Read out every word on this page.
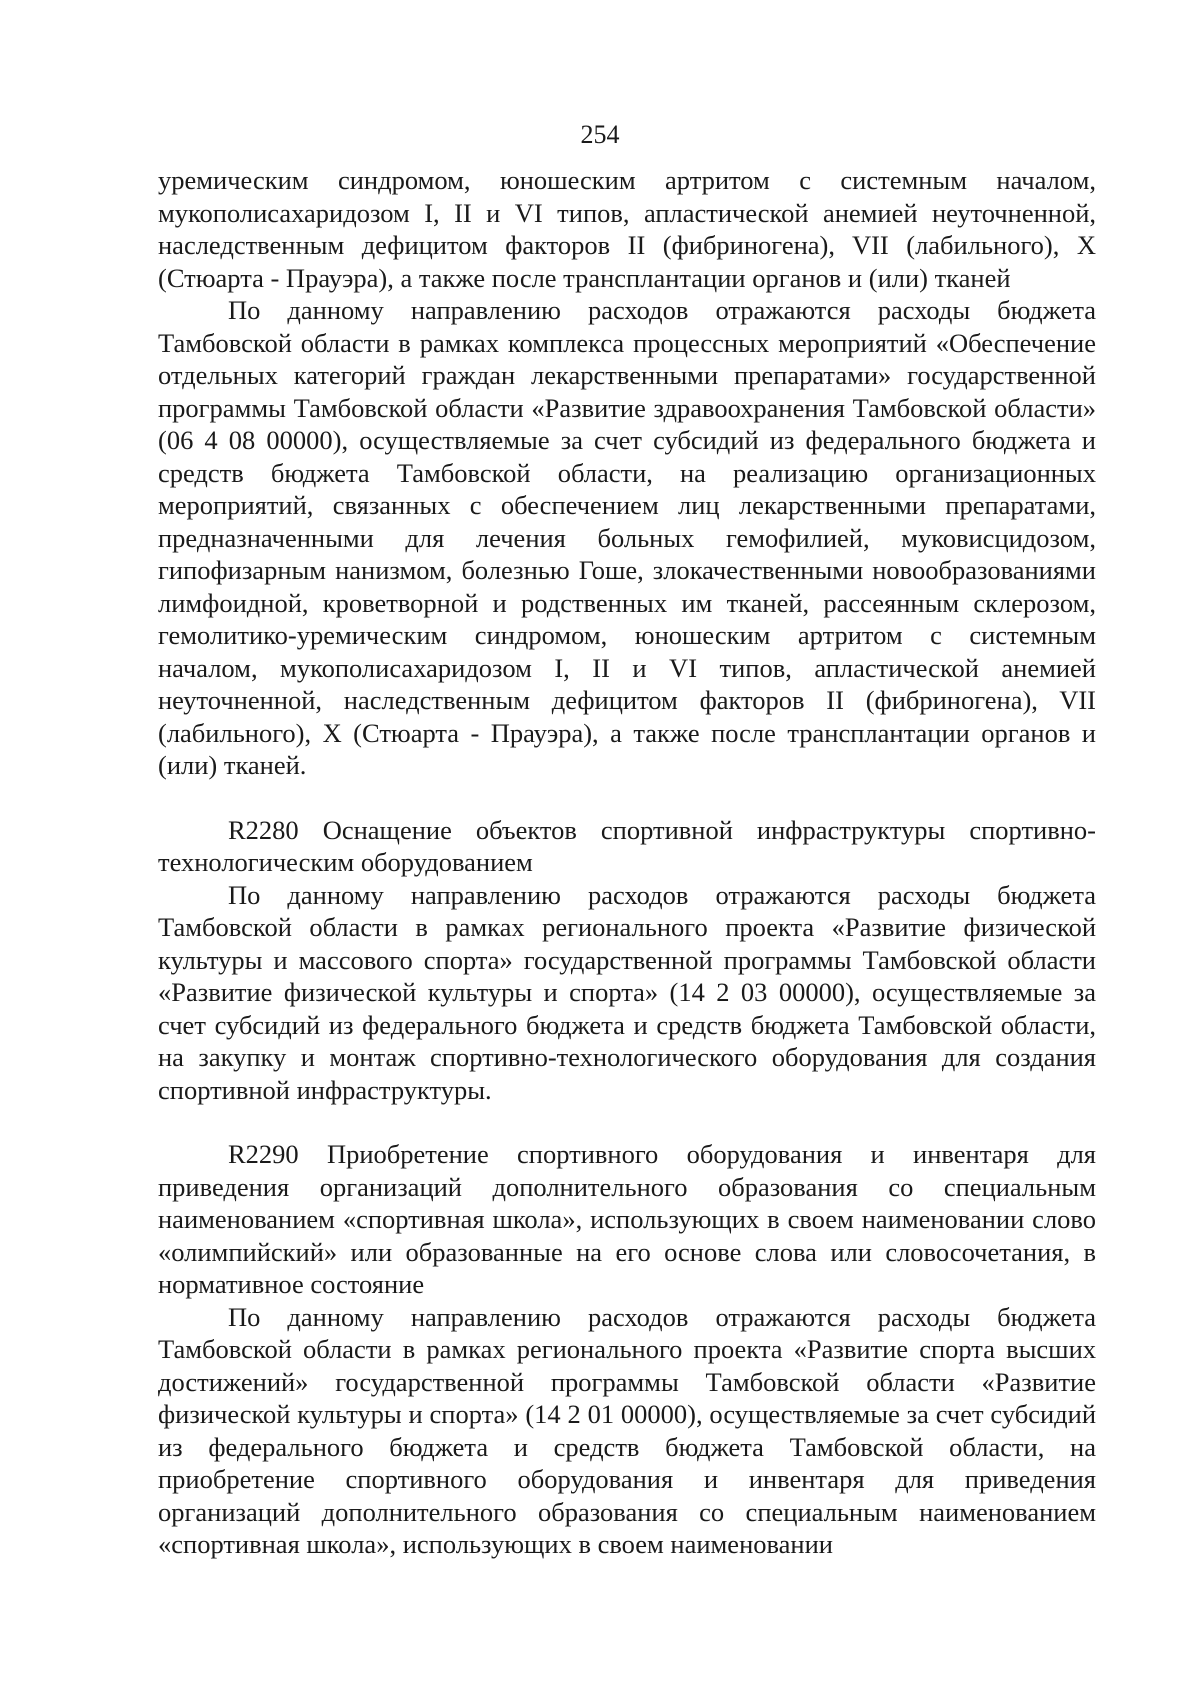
254

уремическим синдромом, юношеским артритом с системным началом, мукополисахаридозом I, II и VI типов, апластической анемией неуточненной, наследственным дефицитом факторов II (фибриногена), VII (лабильного), X (Стюарта - Прауэра), а также после трансплантации органов и (или) тканей

По данному направлению расходов отражаются расходы бюджета Тамбовской области в рамках комплекса процессных мероприятий «Обеспечение отдельных категорий граждан лекарственными препаратами» государственной программы Тамбовской области «Развитие здравоохранения Тамбовской области» (06 4 08 00000), осуществляемые за счет субсидий из федерального бюджета и средств бюджета Тамбовской области, на реализацию организационных мероприятий, связанных с обеспечением лиц лекарственными препаратами, предназначенными для лечения больных гемофилией, муковисцидозом, гипофизарным нанизмом, болезнью Гоше, злокачественными новообразованиями лимфоидной, кроветворной и родственных им тканей, рассеянным склерозом, гемолитико-уремическим синдромом, юношеским артритом с системным началом, мукополисахаридозом I, II и VI типов, апластической анемией неуточненной, наследственным дефицитом факторов II (фибриногена), VII (лабильного), X (Стюарта - Прауэра), а также после трансплантации органов и (или) тканей.

R2280 Оснащение объектов спортивной инфраструктуры спортивно-технологическим оборудованием

По данному направлению расходов отражаются расходы бюджета Тамбовской области в рамках регионального проекта «Развитие физической культуры и массового спорта» государственной программы Тамбовской области «Развитие физической культуры и спорта» (14 2 03 00000), осуществляемые за счет субсидий из федерального бюджета и средств бюджета Тамбовской области, на закупку и монтаж спортивно-технологического оборудования для создания спортивной инфраструктуры.

R2290 Приобретение спортивного оборудования и инвентаря для приведения организаций дополнительного образования со специальным наименованием «спортивная школа», использующих в своем наименовании слово «олимпийский» или образованные на его основе слова или словосочетания, в нормативное состояние

По данному направлению расходов отражаются расходы бюджета Тамбовской области в рамках регионального проекта «Развитие спорта высших достижений» государственной программы Тамбовской области «Развитие физической культуры и спорта» (14 2 01 00000), осуществляемые за счет субсидий из федерального бюджета и средств бюджета Тамбовской области, на приобретение спортивного оборудования и инвентаря для приведения организаций дополнительного образования со специальным наименованием «спортивная школа», использующих в своем наименовании
